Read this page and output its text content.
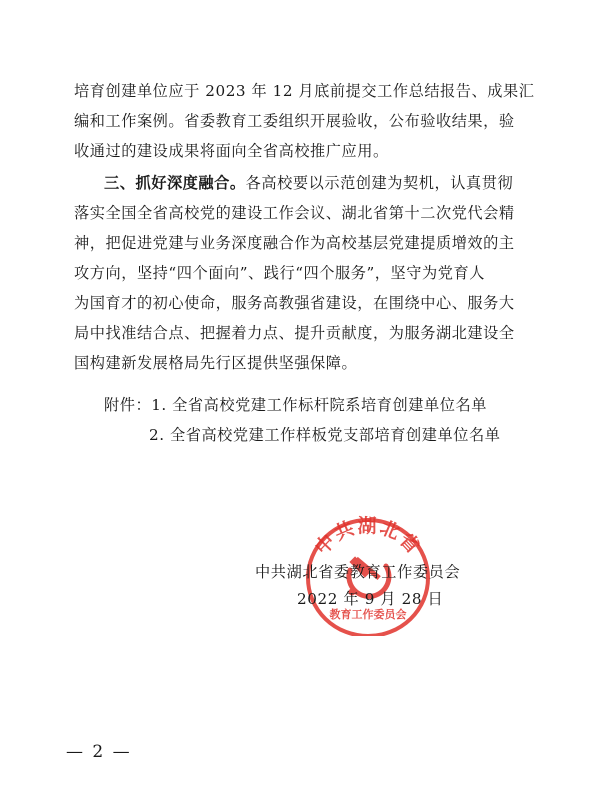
培育创建单位应于 2023 年 12 月底前提交工作总结报告、成果汇
编和工作案例。省委教育工委组织开展验收，公布验收结果，验
收通过的建设成果将面向全省高校推广应用。
三、抓好深度融合。各高校要以示范创建为契机，认真贯彻
落实全国全省高校党的建设工作会议、湖北省第十二次党代会精
神，把促进党建与业务深度融合作为高校基层党建提质增效的主
攻方向，坚持“四个面向”、践行“四个服务”，坚守为党育人
为国育才的初心使命，服务高教强省建设，在围绕中心、服务大
局中找准结合点、把握着力点、提升贡献度，为服务湖北建设全
国构建新发展格局先行区提供坚强保障。
附件：1. 全省高校党建工作标杆院系培育创建单位名单
2. 全省高校党建工作样板党支部培育创建单位名单
中共湖北省
教育工作委员会
中共湖北省委教育工作委员会
2022 年 9 月 28 日
— 2 —
